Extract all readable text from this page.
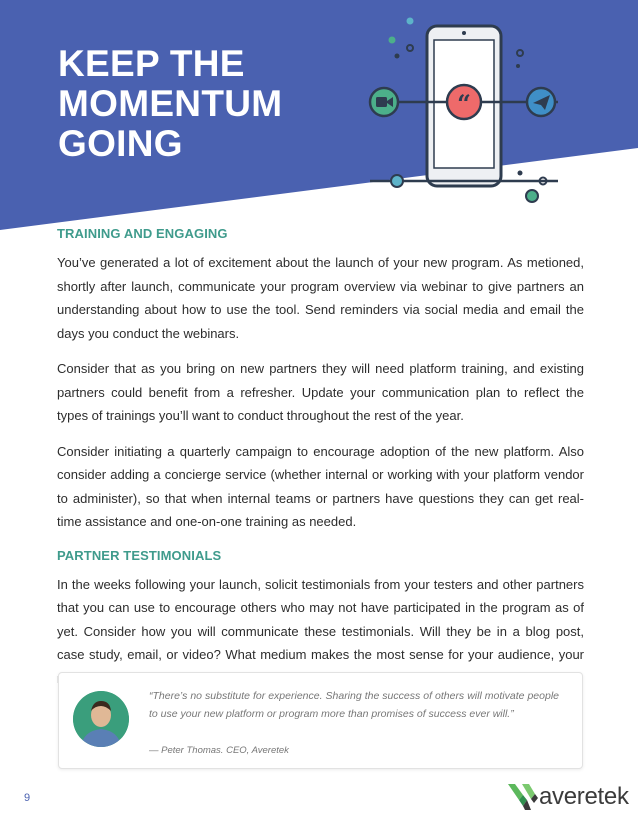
KEEP THE
MOMENTUM
GOING
“
TRAINING AND ENGAGING

You’ve generated a lot of excitement about the launch of your new program. As metioned, shortly after launch, communicate your program overview via webinar to give partners an understanding about how to use the tool. Send reminders via social media and email the days you conduct the webinars.

Consider that as you bring on new partners they will need platform training, and existing partners could benefit from a refresher. Update your communication plan to reflect the types of trainings you’ll want to conduct throughout the rest of the year.

Consider initiating a quarterly campaign to encourage adoption of the new platform. Also consider adding a concierge service (whether internal or working with your platform vendor to administer), so that when internal teams or partners have questions they can get real-time assistance and one-on-one training as needed.

PARTNER TESTIMONIALS

In the weeks following your launch, solicit testimonials from your testers and other partners that you can use to encourage others who may not have participated in the program as of yet. Consider how you will communicate these testimonials. Will they be in a blog post, case study, email, or video? What medium makes the most sense for your audience, your

“There’s no substitute for experience. Sharing the success of others will motivate people to use your new platform or program more than promises of success ever will.”

— Peter Thomas. CEO, Averetek

9	averetek
